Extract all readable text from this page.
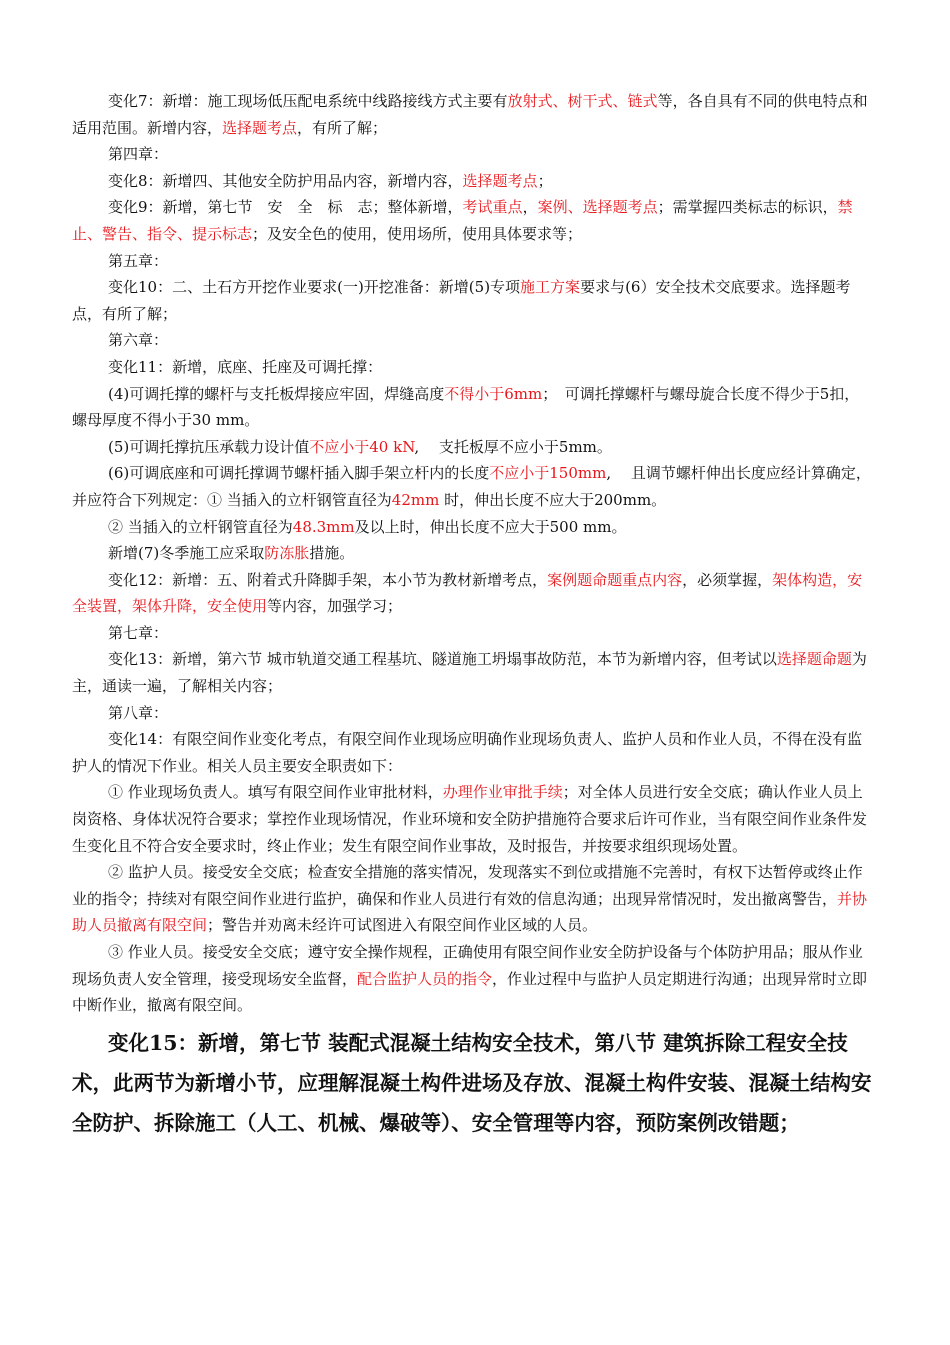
变化7：新增：施工现场低压配电系统中线路接线方式主要有放射式、树干式、链式等，各自具有不同的供电特点和适用范围。新增内容，选择题考点，有所了解；

第四章：

变化8：新增四、其他安全防护用品内容，新增内容，选择题考点；

变化9：新增，第七节　安　全　标　志；整体新增，考试重点，案例、选择题考点；需掌握四类标志的标识，禁止、警告、指令、提示标志；及安全色的使用，使用场所，使用具体要求等；

第五章：

变化10：二、土石方开挖作业要求(一)开挖准备：新增(5)专项施工方案要求与(6）安全技术交底要求。选择题考点，有所了解；

第六章：

变化11：新增，底座、托座及可调托撑：

(4)可调托撑的螺杆与支托板焊接应牢固，焊缝高度不得小于6mm；　可调托撑螺杆与螺母旋合长度不得少于5扣，螺母厚度不得小于30 mm。

(5)可调托撑抗压承载力设计值不应小于40 kN,　 支托板厚不应小于5mm。

(6)可调底座和可调托撑调节螺杆插入脚手架立杆内的长度不应小于150mm,　 且调节螺杆伸出长度应经计算确定，并应符合下列规定：① 当插入的立杆钢管直径为42mm 时，伸出长度不应大于200mm。

② 当插入的立杆钢管直径为48.3mm及以上时，伸出长度不应大于500 mm。

新增(7)冬季施工应采取防冻胀措施。

变化12：新增：五、附着式升降脚手架，本小节为教材新增考点，案例题命题重点内容，必须掌握，架体构造，安全装置，架体升降，安全使用等内容，加强学习；

第七章：

变化13：新增，第六节 城市轨道交通工程基坑、隧道施工坍塌事故防范，本节为新增内容，但考试以选择题命题为主，通读一遍，了解相关内容；

第八章：

变化14：有限空间作业变化考点，有限空间作业现场应明确作业现场负责人、监护人员和作业人员，不得在没有监护人的情况下作业。相关人员主要安全职责如下：

① 作业现场负责人。填写有限空间作业审批材料，办理作业审批手续；对全体人员进行安全交底；确认作业人员上岗资格、身体状况符合要求；掌控作业现场情况，作业环境和安全防护措施符合要求后许可作业，当有限空间作业条件发生变化且不符合安全要求时，终止作业；发生有限空间作业事故，及时报告，并按要求组织现场处置。

② 监护人员。接受安全交底；检查安全措施的落实情况，发现落实不到位或措施不完善时，有权下达暂停或终止作业的指令；持续对有限空间作业进行监护，确保和作业人员进行有效的信息沟通；出现异常情况时，发出撤离警告，并协助人员撤离有限空间；警告并劝离未经许可试图进入有限空间作业区域的人员。

③ 作业人员。接受安全交底；遵守安全操作规程，正确使用有限空间作业安全防护设备与个体防护用品；服从作业现场负责人安全管理，接受现场安全监督，配合监护人员的指令，作业过程中与监护人员定期进行沟通；出现异常时立即中断作业，撤离有限空间。

变化15：新增，第七节 装配式混凝土结构安全技术，第八节 建筑拆除工程安全技术，此两节为新增小节，应理解混凝土构件进场及存放、混凝土构件安装、混凝土结构安全防护、拆除施工（人工、机械、爆破等）、安全管理等内容，预防案例改错题；
